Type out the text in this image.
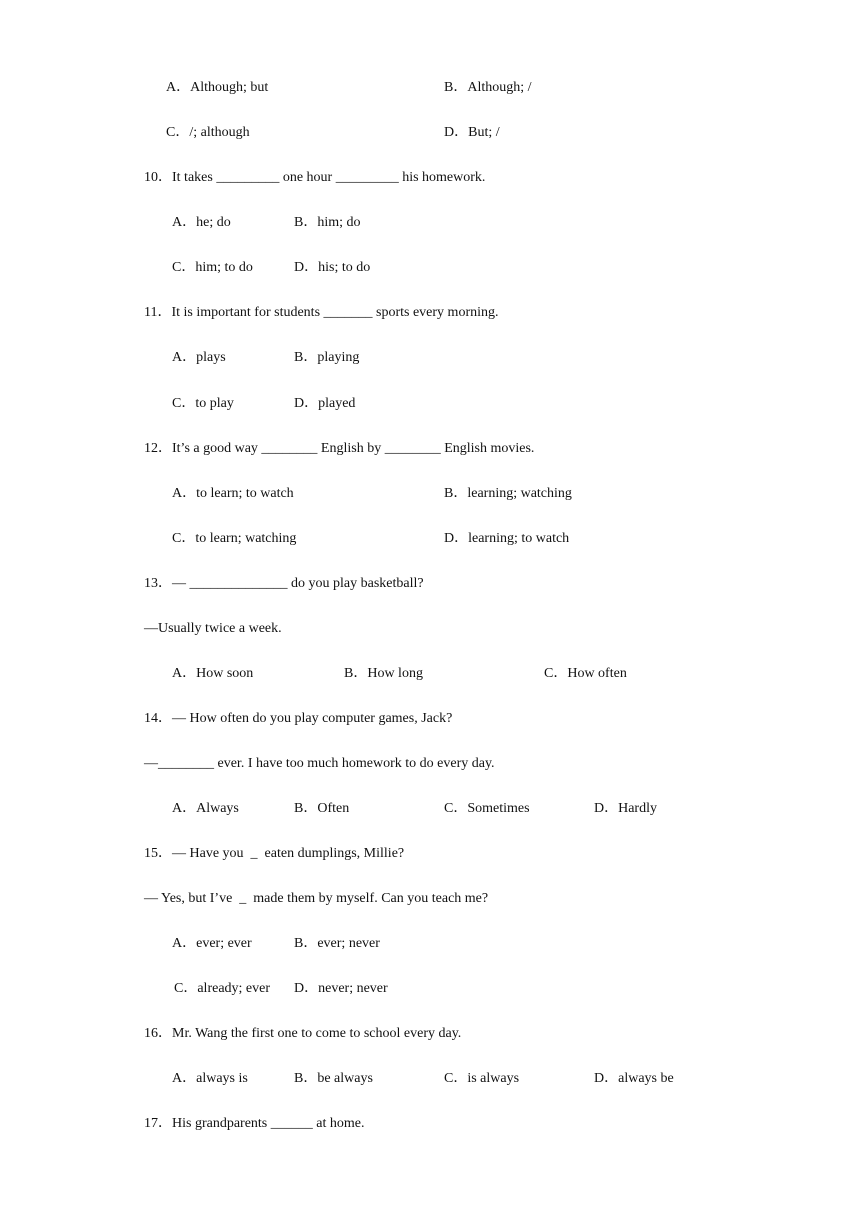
A．Although; but	B．Although; /
C．/; although	D．But; /
10．It takes _________ one hour _________ his homework.
A．he; do	B．him; do
C．him; to do	D．his; to do
11．It is important for students _______ sports every morning.
A．plays	B．playing
C．to play	D．played
12．It’s a good way ________ English by ________ English movies.
A．to learn; to watch	B．learning; watching
C．to learn; watching	D．learning; to watch
13．— ______________ do you play basketball?
—Usually twice a week.
A．How soon	B．How long	C．How often
14．— How often do you play computer games, Jack?
—________ ever. I have too much homework to do every day.
A．Always	B．Often	C．Sometimes	D．Hardly
15．— Have you  _  eaten dumplings, Millie?
— Yes, but I’ve  _  made them by myself. Can you teach me?
A．ever; ever	B．ever; never
C．already; ever D．never; never
16．Mr. Wang the first one to come to school every day.
A．always is	B．be always	C．is always	D．always be
17．His grandparents ______ at home.
